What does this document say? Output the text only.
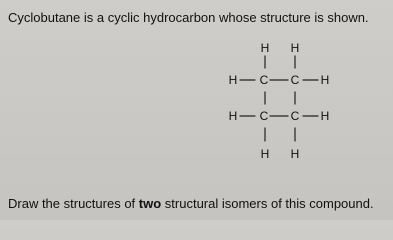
Cyclobutane is a cyclic hydrocarbon whose structure is shown.
H H
H C C H
H C C H
H H
Draw the structures of two structural isomers of this compound.
